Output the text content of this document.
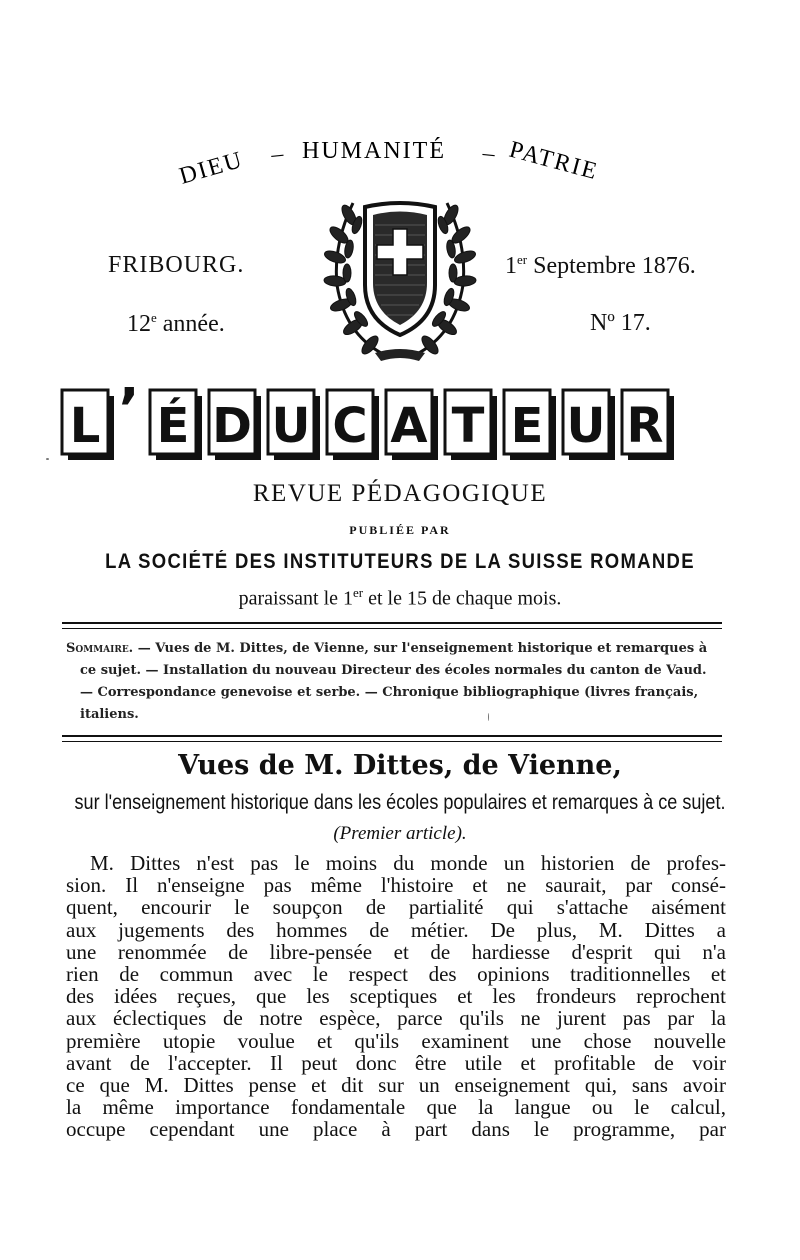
DIEU – HUMANITÉ – PATRIE
FRIBOURG.	1er Septembre 1876.
12e année.	Nº 17.
L ’ É D U C A T E U R
REVUE PÉDAGOGIQUE
PUBLIÉE PAR
LA SOCIÉTÉ DES INSTITUTEURS DE LA SUISSE ROMANDE
paraissant le 1er et le 15 de chaque mois.
Sommaire. — Vues de M. Dittes, de Vienne, sur l'enseignement historique et remarques à
ce sujet. — Installation du nouveau Directeur des écoles normales du canton de Vaud.
— Correspondance genevoise et serbe. — Chronique bibliographique (livres français,
italiens.
Vues de M. Dittes, de Vienne,
sur l'enseignement historique dans les écoles populaires et remarques à ce sujet.
(Premier article).
M. Dittes n'est pas le moins du monde un historien de profes-
sion. Il n'enseigne pas même l'histoire et ne saurait, par consé-
quent, encourir le soupçon de partialité qui s'attache aisément
aux jugements des hommes de métier. De plus, M. Dittes a
une renommée de libre-pensée et de hardiesse d'esprit qui n'a
rien de commun avec le respect des opinions traditionnelles et
des idées reçues, que les sceptiques et les frondeurs reprochent
aux éclectiques de notre espèce, parce qu'ils ne jurent pas par la
première utopie voulue et qu'ils examinent une chose nouvelle
avant de l'accepter. Il peut donc être utile et profitable de voir
ce que M. Dittes pense et dit sur un enseignement qui, sans avoir
la même importance fondamentale que la langue ou le calcul,
occupe cependant une place à part dans le programme, par
